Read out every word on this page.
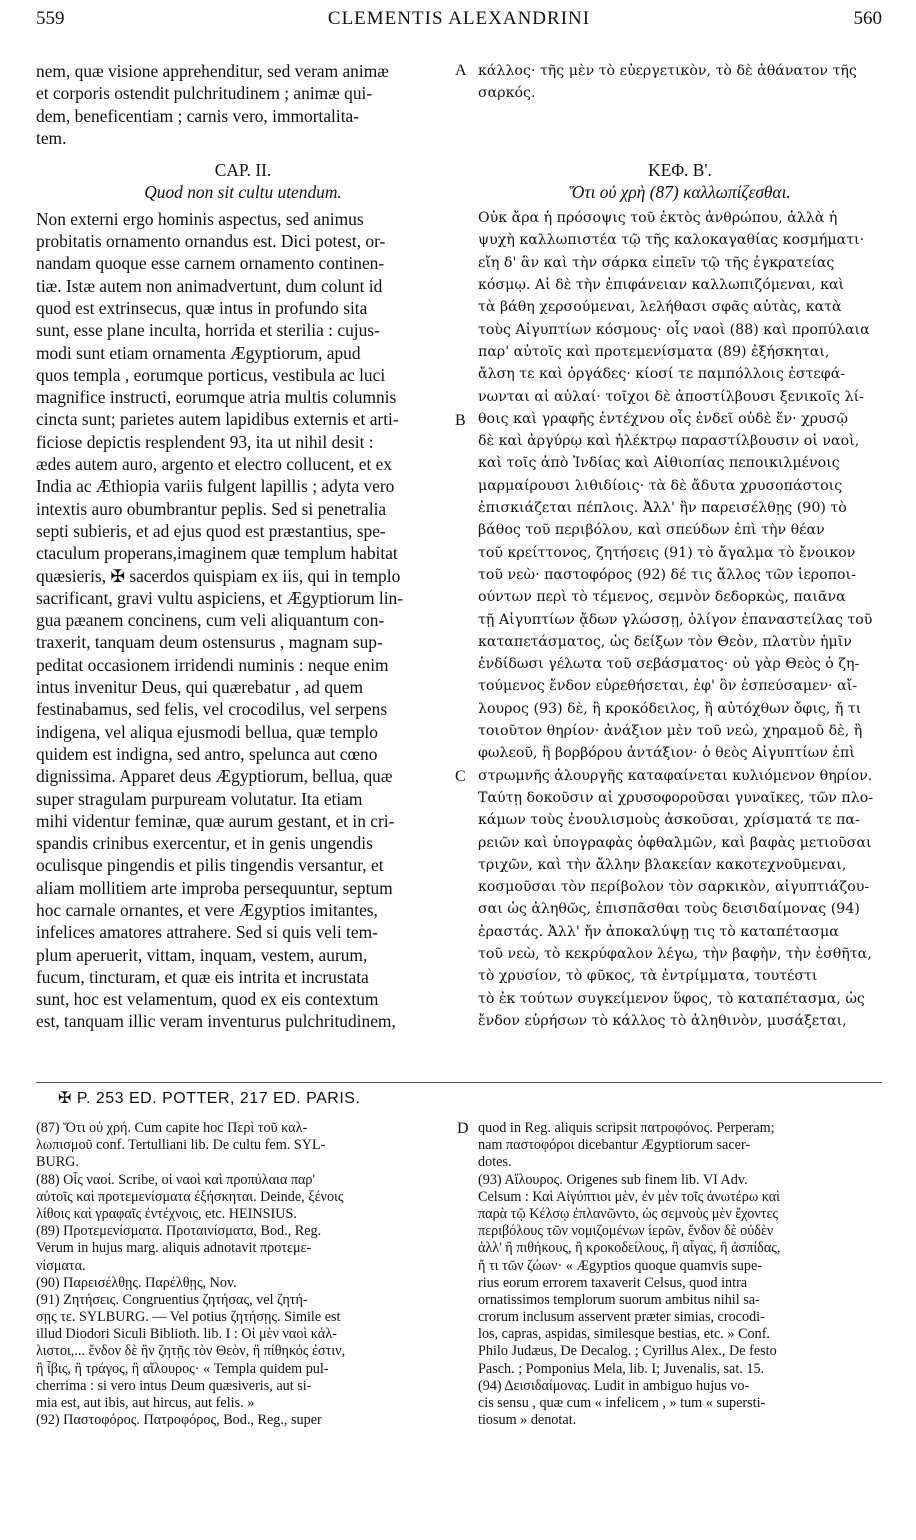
559	CLEMENTIS ALEXANDRINI	560
A
B
C
D
nem, quæ visione apprehenditur, sed veram animæ
et corporis ostendit pulchritudinem ; animæ qui-
dem, beneficentiam ; carnis vero, immortalita-
tem.
CAP. II.
Quod non sit cultu utendum.
Non externi ergo hominis aspectus, sed animus
probitatis ornamento ornandus est. Dici potest, or-
nandam quoque esse carnem ornamento continen-
tiæ. Istæ autem non animadvertunt, dum colunt id
quod est extrinsecus, quæ intus in profundo sita
sunt, esse plane inculta, horrida et sterilia : cujus-
modi sunt etiam ornamenta Ægyptiorum, apud
quos templa , eorumque porticus, vestibula ac luci
magnifice instructi, eorumque atria multis columnis
cincta sunt; parietes autem lapidibus externis et arti-
ficiose depictis resplendent 93, ita ut nihil desit :
ædes autem auro, argento et electro collucent, et ex
India ac Æthiopia variis fulgent lapillis ; adyta vero
intextis auro obumbrantur peplis. Sed si penetralia
septi subieris, et ad ejus quod est præstantius, spe-
ctaculum properans,imaginem quæ templum habitat
quæsieris, ✠ sacerdos quispiam ex iis, qui in templo
sacrificant, gravi vultu aspiciens, et Ægyptiorum lin-
gua pæanem concinens, cum veli aliquantum con-
traxerit, tanquam deum ostensurus , magnam sup-
peditat occasionem irridendi numinis : neque enim
intus invenitur Deus, qui quærebatur , ad quem
festinabamus, sed felis, vel crocodilus, vel serpens
indigena, vel aliqua ejusmodi bellua, quæ templo
quidem est indigna, sed antro, spelunca aut cœno
dignissima. Apparet deus Ægyptiorum, bellua, quæ
super stragulam purpuream volutatur. Ita etiam
mihi videntur feminæ, quæ aurum gestant, et in cri-
spandis crinibus exercentur, et in genis ungendis
oculisque pingendis et pilis tingendis versantur, et
aliam mollitiem arte improba persequuntur, septum
hoc carnale ornantes, et vere Ægyptios imitantes,
infelices amatores attrahere. Sed si quis veli tem-
plum aperuerit, vittam, inquam, vestem, aurum,
fucum, tincturam, et quæ eis intrita et incrustata
sunt, hoc est velamentum, quod ex eis contextum
est, tanquam illic veram inventurus pulchritudinem,
κάλλος· τῆς μὲν τὸ εὐεργετικὸν, τὸ δὲ ἀθάνατον τῆς
σαρκός.
ΚΕΦ. Β'.
Ὅτι οὐ χρὴ (87) καλλωπίζεσθαι.
Οὐκ ἄρα ἡ πρόσοψις τοῦ ἐκτὸς ἀνθρώπου, ἀλλὰ ἡ
ψυχὴ καλλωπιστέα τῷ τῆς καλοκαγαθίας κοσμήματι·
εἴη δ' ἂν καὶ τὴν σάρκα εἰπεῖν τῷ τῆς ἐγκρατείας
κόσμῳ. Αἱ δὲ τὴν ἐπιφάνειαν καλλωπιζόμεναι, καὶ
τὰ βάθη χερσούμεναι, λελήθασι σφᾶς αὐτὰς, κατὰ
τοὺς Αἰγυπτίων κόσμους· οἷς ναοὶ (88) καὶ προπύλαια
παρ' αὐτοῖς καὶ προτεμενίσματα (89) ἐξήσκηται,
ἄλση τε καὶ ὀργάδες· κίοσί τε παμπόλλοις ἐστεφά-
νωνται αἱ αὐλαί· τοῖχοι δὲ ἀποστίλβουσι ξενικοῖς λί-
θοις καὶ γραφῆς ἐντέχνου οἷς ἐνδεῖ οὐδὲ ἕν· χρυσῷ
δὲ καὶ ἀργύρῳ καὶ ἠλέκτρῳ παραστίλβουσιν οἱ ναοὶ,
καὶ τοῖς ἀπὸ Ἰνδίας καὶ Αἰθιοπίας πεποικιλμένοις
μαρμαίρουσι λιθιδίοις· τὰ δὲ ἄδυτα χρυσοπάστοις
ἐπισκιάζεται πέπλοις. Ἀλλ' ἢν παρεισέλθῃς (90) τὸ
βάθος τοῦ περιβόλου, καὶ σπεύδων ἐπὶ τὴν θέαν
τοῦ κρείττονος, ζητήσεις (91) τὸ ἄγαλμα τὸ ἔνοικον
τοῦ νεὼ· παστοφόρος (92) δέ τις ἄλλος τῶν ἱεροποι-
ούντων περὶ τὸ τέμενος, σεμνὸν δεδορκὼς, παιᾶνα
τῇ Αἰγυπτίων ᾄδων γλώσσῃ, ὀλίγον ἐπαναστείλας τοῦ
καταπετάσματος, ὡς δείξων τὸν Θεὸν, πλατὺν ἡμῖν
ἐνδίδωσι γέλωτα τοῦ σεβάσματος· οὐ γὰρ Θεὸς ὁ ζη-
τούμενος ἔνδον εὑρεθήσεται, ἐφ' ὃν ἐσπεύσαμεν· αἴ-
λουρος (93) δὲ, ἢ κροκόδειλος, ἢ αὐτόχθων ὄφις, ἤ τι
τοιοῦτον θηρίον· ἀνάξιον μὲν τοῦ νεὼ, χηραμοῦ δὲ, ἢ
φωλεοῦ, ἢ βορβόρου ἀντάξιον· ὁ θεὸς Αἰγυπτίων ἐπὶ
στρωμνῆς ἁλουργῆς καταφαίνεται κυλιόμενον θηρίον.
Ταύτῃ δοκοῦσιν αἱ χρυσοφοροῦσαι γυναῖκες, τῶν πλο-
κάμων τοὺς ἐνουλισμοὺς ἀσκοῦσαι, χρίσματά τε πα-
ρειῶν καὶ ὑπογραφὰς ὀφθαλμῶν, καὶ βαφὰς μετιοῦσαι
τριχῶν, καὶ τὴν ἄλλην βλακείαν κακοτεχνοῦμεναι,
κοσμοῦσαι τὸν περίβολον τὸν σαρκικὸν, αἰγυπτιάζου-
σαι ὡς ἀληθῶς, ἐπισπᾶσθαι τοὺς δεισιδαίμονας (94)
ἐραστάς. Ἀλλ' ἤν ἀποκαλύψῃ τις τὸ καταπέτασμα
τοῦ νεὼ, τὸ κεκρύφαλον λέγω, τὴν βαφὴν, τὴν ἐσθῆτα,
τὸ χρυσίον, τὸ φῦκος, τὰ ἐντρίμματα, τουτέστι
τὸ ἐκ τούτων συγκείμενον ὕφος, τὸ καταπέτασμα, ὡς
ἔνδον εὑρήσων τὸ κάλλος τὸ ἀληθινὸν, μυσάξεται,
✠ P. 253 ED. POTTER, 217 ED. PARIS.
(87) Ὅτι οὐ χρή. Cum capite hoc Περὶ τοῦ καλ-
λωπισμοῦ conf. Tertulliani lib. De cultu fem. SYL-
BURG.
(88) Οἷς ναοί. Scribe, οἱ ναοὶ καὶ προπύλαια παρ'
αὐτοῖς καὶ προτεμενίσματα ἐξήσκηται. Deinde, ξένοις
λίθοις καὶ γραφαῖς ἐντέχνοις, etc. HEINSIUS.
(89) Προτεμενίσματα. Προταινίσματα, Bod., Reg.
Verum in hujus marg. aliquis adnotavit προτεμε-
νίσματα.
(90) Παρεισέλθῃς. Παρέλθῃς, Nov.
(91) Ζητήσεις. Congruentius ζητήσας, vel ζητή-
σῃς τε. SYLBURG. — Vel potius ζητήσῃς. Simile est
illud Diodori Siculi Biblioth. lib. I : Οἱ μὲν ναοὶ κάλ-
λιστοι,... ἔνδον δὲ ἢν ζητῇς τὸν Θεὸν, ἢ πίθηκός ἐστιν,
ἢ ἶβις, ἢ τράγος, ἢ αἴλουρος· « Templa quidem pul-
cherrima : si vero intus Deum quæsiveris, aut si-
mia est, aut ibis, aut hircus, aut felis. »
(92) Παστοφόρος. Πατροφόρος, Bod., Reg., super
quod in Reg. aliquis scripsit πατροφόνος. Perperam;
nam παστοφόροι dicebantur Ægyptiorum sacer-
dotes.
(93) Αἴλουρος. Origenes sub finem lib. VI Adv.
Celsum : Καὶ Αἰγύπτιοι μὲν, ἐν μὲν τοῖς ἀνωτέρω καὶ
παρὰ τῷ Κέλσῳ ἐπλανῶντο, ὡς σεμνοὺς μὲν ἔχοντες
περιβόλους τῶν νομιζομένων ἱερῶν, ἔνδον δὲ οὐδὲν
ἀλλ' ἢ πιθήκους, ἢ κροκοδείλους, ἢ αἶγας, ἢ ἀσπίδας,
ἤ τι τῶν ζώων· « Ægyptios quoque quamvis supe-
rius eorum errorem taxaverit Celsus, quod intra
ornatissimos templorum suorum ambitus nihil sa-
crorum inclusum asservent præter simias, crocodi-
los, capras, aspidas, similesque bestias, etc. » Conf.
Philo Judæus, De Decalog. ; Cyrillus Alex., De festo
Pasch. ; Pomponius Mela, lib. I; Juvenalis, sat. 15.
(94) Δεισιδαίμονας. Ludit in ambiguo hujus vo-
cis sensu , quæ cum « infelicem , » tum « supersti-
tiosum » denotat.
